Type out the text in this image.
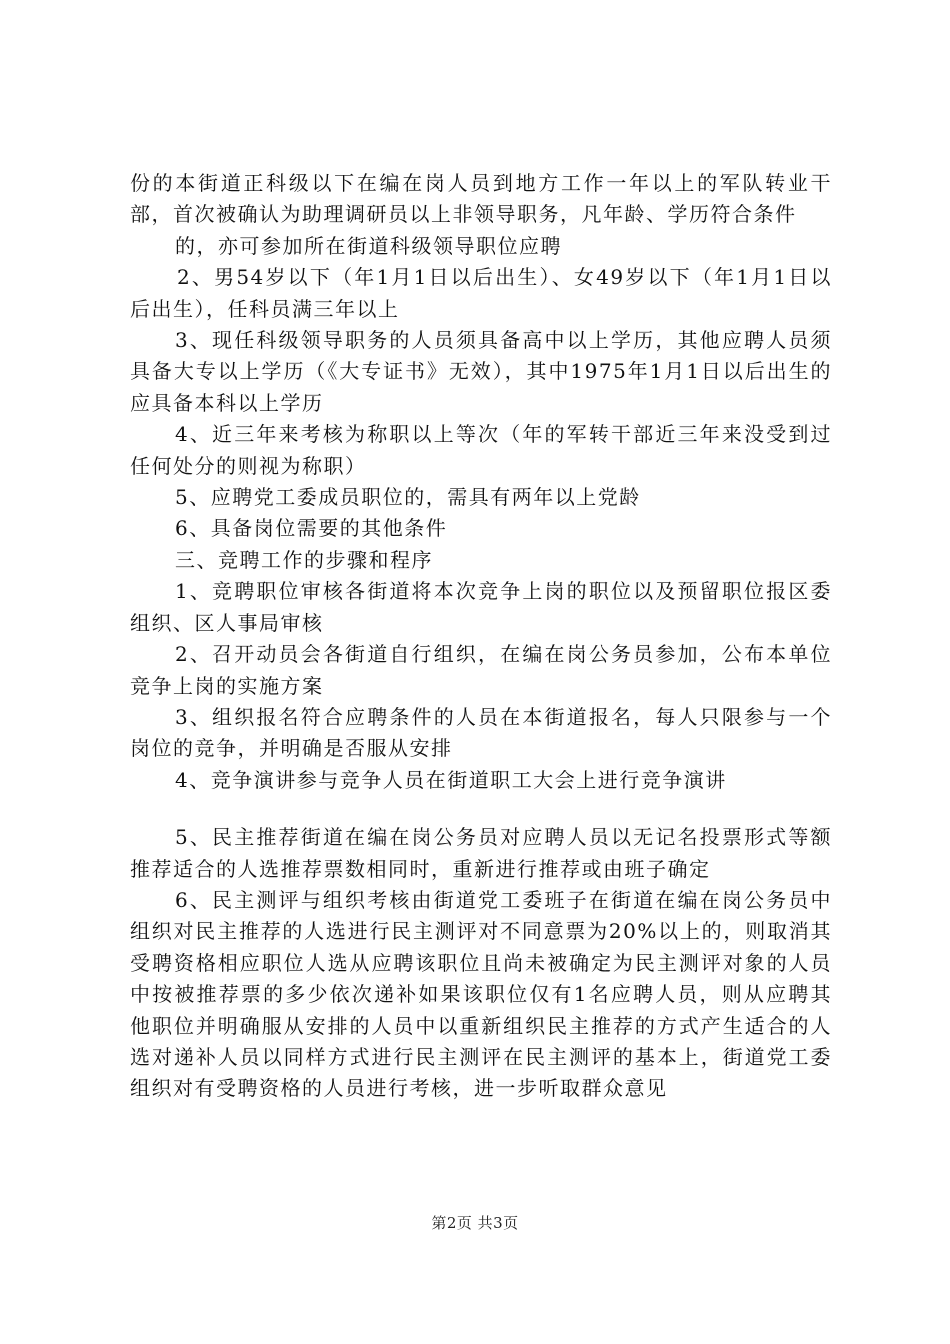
份的本街道正科级以下在编在岗人员到地方工作一年以上的军队转业干部，首次被确认为助理调研员以上非领导职务，凡年龄、学历符合条件

的，亦可参加所在街道科级领导职位应聘

2、男54岁以下（年1月1日以后出生）、女49岁以下（年1月1日以后出生），任科员满三年以上

3、现任科级领导职务的人员须具备高中以上学历，其他应聘人员须具备大专以上学历（《大专证书》无效），其中1975年1月1日以后出生的应具备本科以上学历

4、近三年来考核为称职以上等次（年的军转干部近三年来没受到过任何处分的则视为称职）

5、应聘党工委成员职位的，需具有两年以上党龄

6、具备岗位需要的其他条件

三、竞聘工作的步骤和程序

1、竞聘职位审核各街道将本次竞争上岗的职位以及预留职位报区委组织、区人事局审核

2、召开动员会各街道自行组织，在编在岗公务员参加，公布本单位竞争上岗的实施方案

3、组织报名符合应聘条件的人员在本街道报名，每人只限参与一个岗位的竞争，并明确是否服从安排

4、竞争演讲参与竞争人员在街道职工大会上进行竞争演讲

5、民主推荐街道在编在岗公务员对应聘人员以无记名投票形式等额推荐适合的人选推荐票数相同时，重新进行推荐或由班子确定

6、民主测评与组织考核由街道党工委班子在街道在编在岗公务员中组织对民主推荐的人选进行民主测评对不同意票为20%以上的，则取消其受聘资格相应职位人选从应聘该职位且尚未被确定为民主测评对象的人员中按被推荐票的多少依次递补如果该职位仅有1名应聘人员，则从应聘其他职位并明确服从安排的人员中以重新组织民主推荐的方式产生适合的人选对递补人员以同样方式进行民主测评在民主测评的基本上，街道党工委组织对有受聘资格的人员进行考核，进一步听取群众意见

第2页 共3页
